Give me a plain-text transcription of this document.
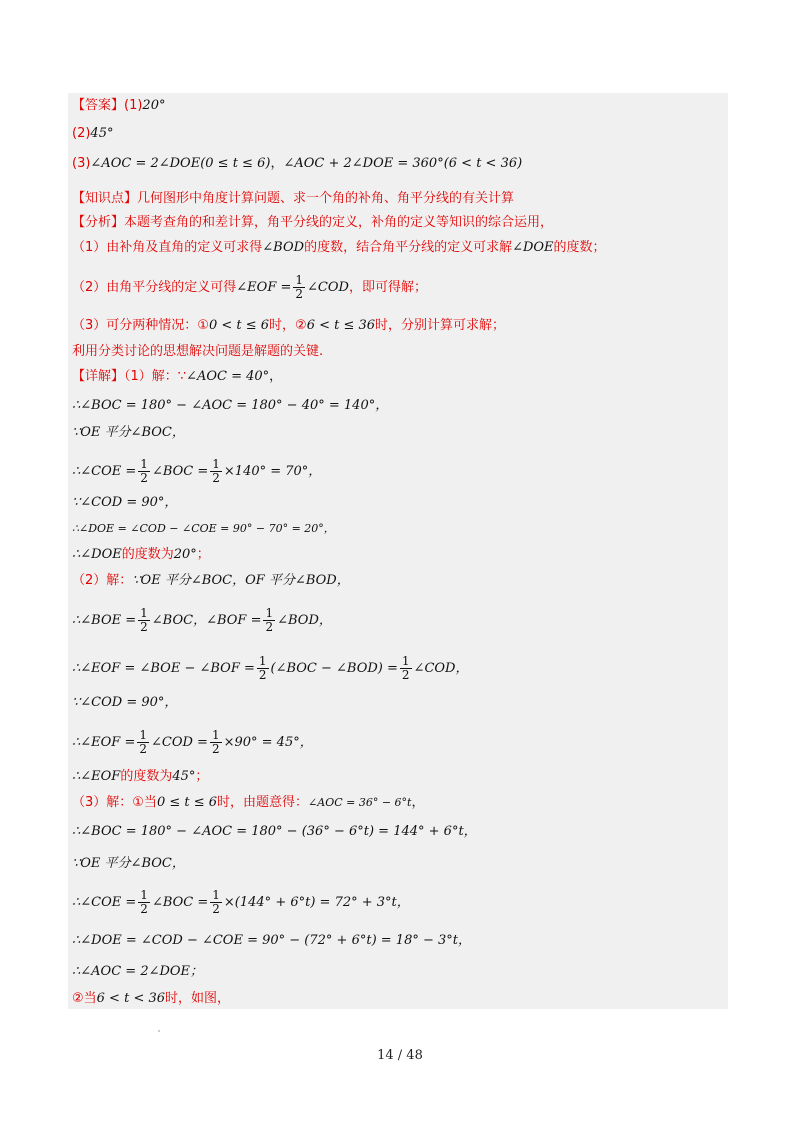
【答案】(1) 20°
(2) 45°
(3) ∠AOC = 2∠DOE(0 ≤ t ≤ 6) ， ∠AOC + 2∠DOE = 360°(6 < t < 36)
【知识点】几何图形中角度计算问题、求一个角的补角、角平分线的有关计算
【分析】本题考查角的和差计算，角平分线的定义，补角的定义等知识的综合运用，
（1）由补角及直角的定义可求得 ∠BOD 的度数，结合角平分线的定义可求解 ∠DOE 的度数；
（2）由角平分线的定义可得 ∠EOF = $\frac{1}{2}$ ∠COD ，即可得解；
（3）可分两种情况：① 0 < t ≤ 6 时，② 6 < t ≤ 36 时，分别计算可求解；
利用分类讨论的思想解决问题是解题的关键.
【详解】（1）解：∵ ∠AOC = 40° ，
∴∠BOC = 180° − ∠AOC = 180° − 40° = 140°，
∵OE 平分∠BOC，
∴∠COE = $\frac{1}{2}$ ∠BOC = $\frac{1}{2} \times 140^\circ = 70^\circ$，
∵∠COD = 90°，
∴∠DOE = ∠COD − ∠COE = 90° − 70° = 20°，
∴∠DOE 的度数为 20° ；
（2）解： ∵OE 平分∠BOC，OF 平分∠BOD，
∴∠BOE = $\frac{1}{2}$ ∠BOC，∠BOF = $\frac{1}{2}$ ∠BOD，
∴∠EOF = ∠BOE − ∠BOF = $\frac{1}{2}$ (∠BOC − ∠BOD) = $\frac{1}{2}$ ∠COD，
∵∠COD = 90°，
∴∠EOF = $\frac{1}{2}$ ∠COD = $\frac{1}{2} \times 90^\circ = 45^\circ$，
∴∠EOF 的度数为 45° ；
（3）解：①当 0 ≤ t ≤ 6 时，由题意得： ∠AOC = 36° − 6°t ，
∴∠BOC = 180° − ∠AOC = 180° − (36° − 6°t) = 144° + 6°t，
∵OE 平分∠BOC，
∴∠COE = $\frac{1}{2}$ ∠BOC = $\frac{1}{2} \times(144^\circ + 6^\circ t) = 72^\circ + 3^\circ t$，
∴∠DOE = ∠COD − ∠COE = 90° − (72° + 6°t) = 18° − 3°t，
∴∠AOC = 2∠DOE；
②当 6 < t < 36 时，如图，
14 / 48
